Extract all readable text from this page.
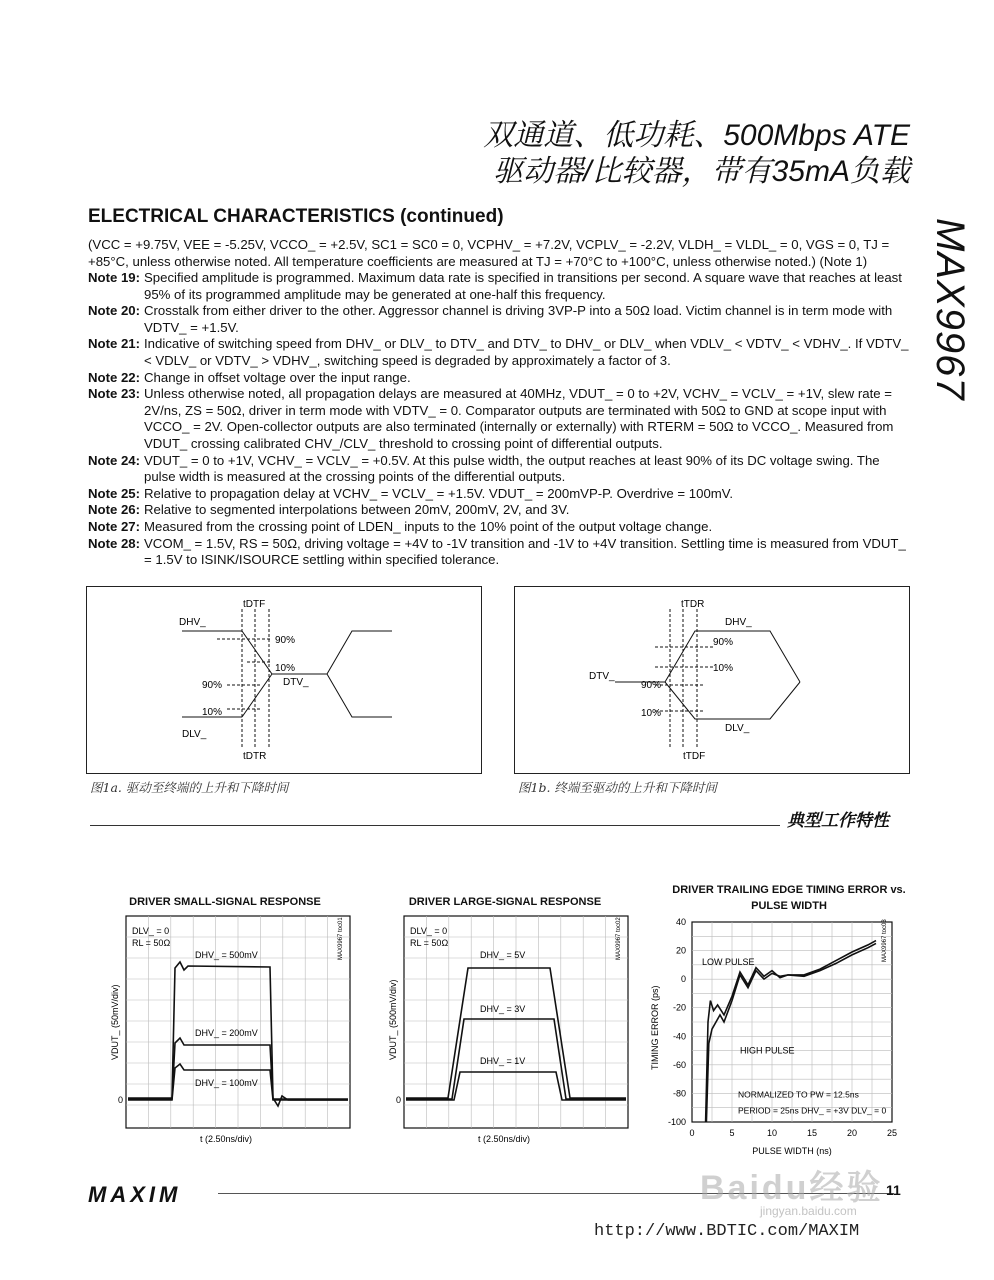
双通道、低功耗、500Mbps ATE
驱动器/比较器，带有35mA负载
MAX9967
ELECTRICAL CHARACTERISTICS (continued)
(VCC = +9.75V, VEE = -5.25V, VCCO_ = +2.5V, SC1 = SC0 = 0, VCPHV_ = +7.2V, VCPLV_ = -2.2V, VLDH_ = VLDL_ = 0, VGS = 0, TJ = +85°C, unless otherwise noted. All temperature coefficients are measured at TJ = +70°C to +100°C, unless otherwise noted.) (Note 1)
Note 19: Specified amplitude is programmed. Maximum data rate is specified in transitions per second. A square wave that reaches at least 95% of its programmed amplitude may be generated at one-half this frequency.
Note 20: Crosstalk from either driver to the other. Aggressor channel is driving 3VP-P into a 50Ω load. Victim channel is in term mode with VDTV_ = +1.5V.
Note 21: Indicative of switching speed from DHV_ or DLV_ to DTV_ and DTV_ to DHV_ or DLV_ when VDLV_ < VDTV_ < VDHV_. If VDTV_ < VDLV_ or VDTV_ > VDHV_, switching speed is degraded by approximately a factor of 3.
Note 22: Change in offset voltage over the input range.
Note 23: Unless otherwise noted, all propagation delays are measured at 40MHz, VDUT_ = 0 to +2V, VCHV_ = VCLV_ = +1V, slew rate = 2V/ns, ZS = 50Ω, driver in term mode with VDTV_ = 0. Comparator outputs are terminated with 50Ω to GND at scope input with VCCO_ = 2V. Open-collector outputs are also terminated (internally or externally) with RTERM = 50Ω to VCCO_. Measured from VDUT_ crossing calibrated CHV_/CLV_ threshold to crossing point of differential outputs.
Note 24: VDUT_ = 0 to +1V, VCHV_ = VCLV_ = +0.5V. At this pulse width, the output reaches at least 90% of its DC voltage swing. The pulse width is measured at the crossing points of the differential outputs.
Note 25: Relative to propagation delay at VCHV_ = VCLV_ = +1.5V. VDUT_ = 200mVP-P. Overdrive = 100mV.
Note 26: Relative to segmented interpolations between 20mV, 200mV, 2V, and 3V.
Note 27: Measured from the crossing point of LDEN_ inputs to the 10% point of the output voltage change.
Note 28: VCOM_ = 1.5V, RS = 50Ω, driving voltage = +4V to -1V transition and -1V to +4V transition. Settling time is measured from VDUT_ = 1.5V to ISINK/ISOURCE settling within specified tolerance.
DHV_
DLV_
DTV_
tDTF
tDTR
90%
10%
90%
10%
图1a. 驱动至终端的上升和下降时间
DHV_
DLV_
DTV_
tTDR
tTDF
90%
10%
90%
10%
图1b. 终端至驱动的上升和下降时间
典型工作特性
DRIVER SMALL-SIGNAL RESPONSE
DLV_ = 0
RL = 50Ω
DHV_ = 500mV
DHV_ = 200mV
DHV_ = 100mV
0
t (2.50ns/div)
VDUT_ (50mV/div)
MAX9967 toc01
DRIVER LARGE-SIGNAL RESPONSE
DLV_ = 0
RL = 50Ω
DHV_ = 5V
DHV_ = 3V
DHV_ = 1V
0
t (2.50ns/div)
VDUT_ (500mV/div)
MAX9967 toc02
DRIVER TRAILING EDGE TIMING ERROR vs. PULSE WIDTH
40
20
0
-20
-40
-60
-80
-100
0	5	10	15	20	25
TIMING ERROR (ps)
PULSE WIDTH (ns)
LOW PULSE
HIGH PULSE
NORMALIZED TO PW = 12.5ns
PERIOD = 25ns DHV_ = +3V DLV_ = 0
MAX9967 toc03
MAXIM	11
Baidu经验
jingyan.baidu.com
http://www.BDTIC.com/MAXIM
